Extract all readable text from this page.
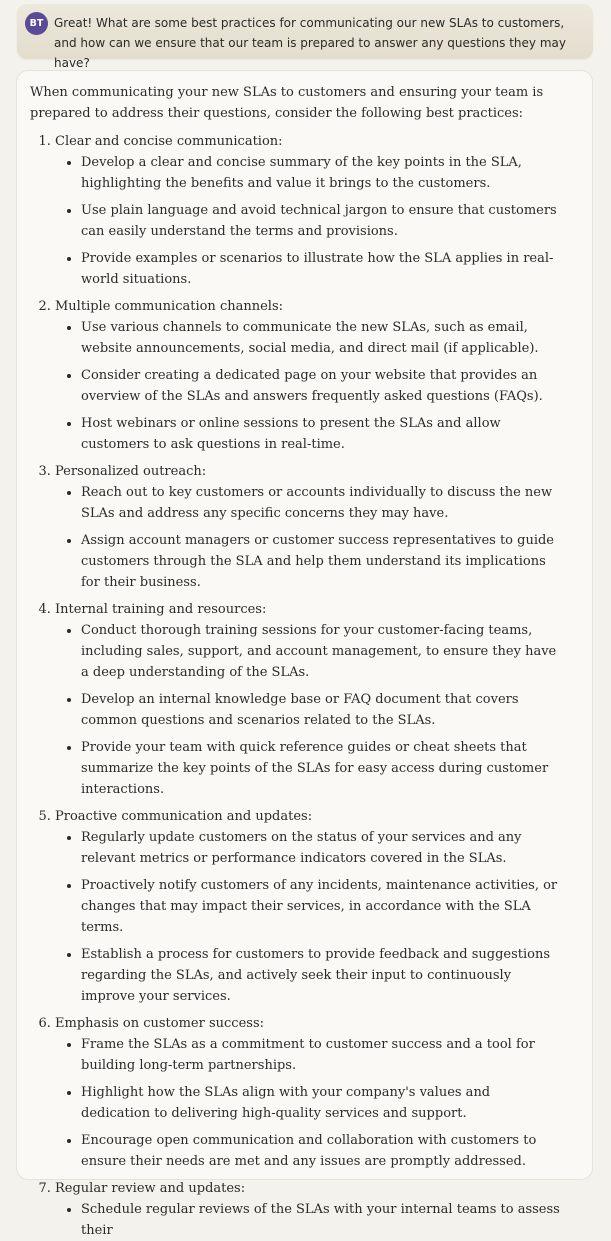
BT Great! What are some best practices for communicating our new SLAs to customers, and how can we ensure that our team is prepared to answer any questions they may have?

When communicating your new SLAs to customers and ensuring your team is prepared to address their questions, consider the following best practices:

1. Clear and concise communication:
• Develop a clear and concise summary of the key points in the SLA, highlighting the benefits and value it brings to the customers.
• Use plain language and avoid technical jargon to ensure that customers can easily understand the terms and provisions.
• Provide examples or scenarios to illustrate how the SLA applies in real-world situations.
2. Multiple communication channels:
• Use various channels to communicate the new SLAs, such as email, website announcements, social media, and direct mail (if applicable).
• Consider creating a dedicated page on your website that provides an overview of the SLAs and answers frequently asked questions (FAQs).
• Host webinars or online sessions to present the SLAs and allow customers to ask questions in real-time.
3. Personalized outreach:
• Reach out to key customers or accounts individually to discuss the new SLAs and address any specific concerns they may have.
• Assign account managers or customer success representatives to guide customers through the SLA and help them understand its implications for their business.
4. Internal training and resources:
• Conduct thorough training sessions for your customer-facing teams, including sales, support, and account management, to ensure they have a deep understanding of the SLAs.
• Develop an internal knowledge base or FAQ document that covers common questions and scenarios related to the SLAs.
• Provide your team with quick reference guides or cheat sheets that summarize the key points of the SLAs for easy access during customer interactions.
5. Proactive communication and updates:
• Regularly update customers on the status of your services and any relevant metrics or performance indicators covered in the SLAs.
• Proactively notify customers of any incidents, maintenance activities, or changes that may impact their services, in accordance with the SLA terms.
• Establish a process for customers to provide feedback and suggestions regarding the SLAs, and actively seek their input to continuously improve your services.
6. Emphasis on customer success:
• Frame the SLAs as a commitment to customer success and a tool for building long-term partnerships.
• Highlight how the SLAs align with your company's values and dedication to delivering high-quality services and support.
• Encourage open communication and collaboration with customers to ensure their needs are met and any issues are promptly addressed.
7. Regular review and updates:
• Schedule regular reviews of the SLAs with your internal teams to assess their
